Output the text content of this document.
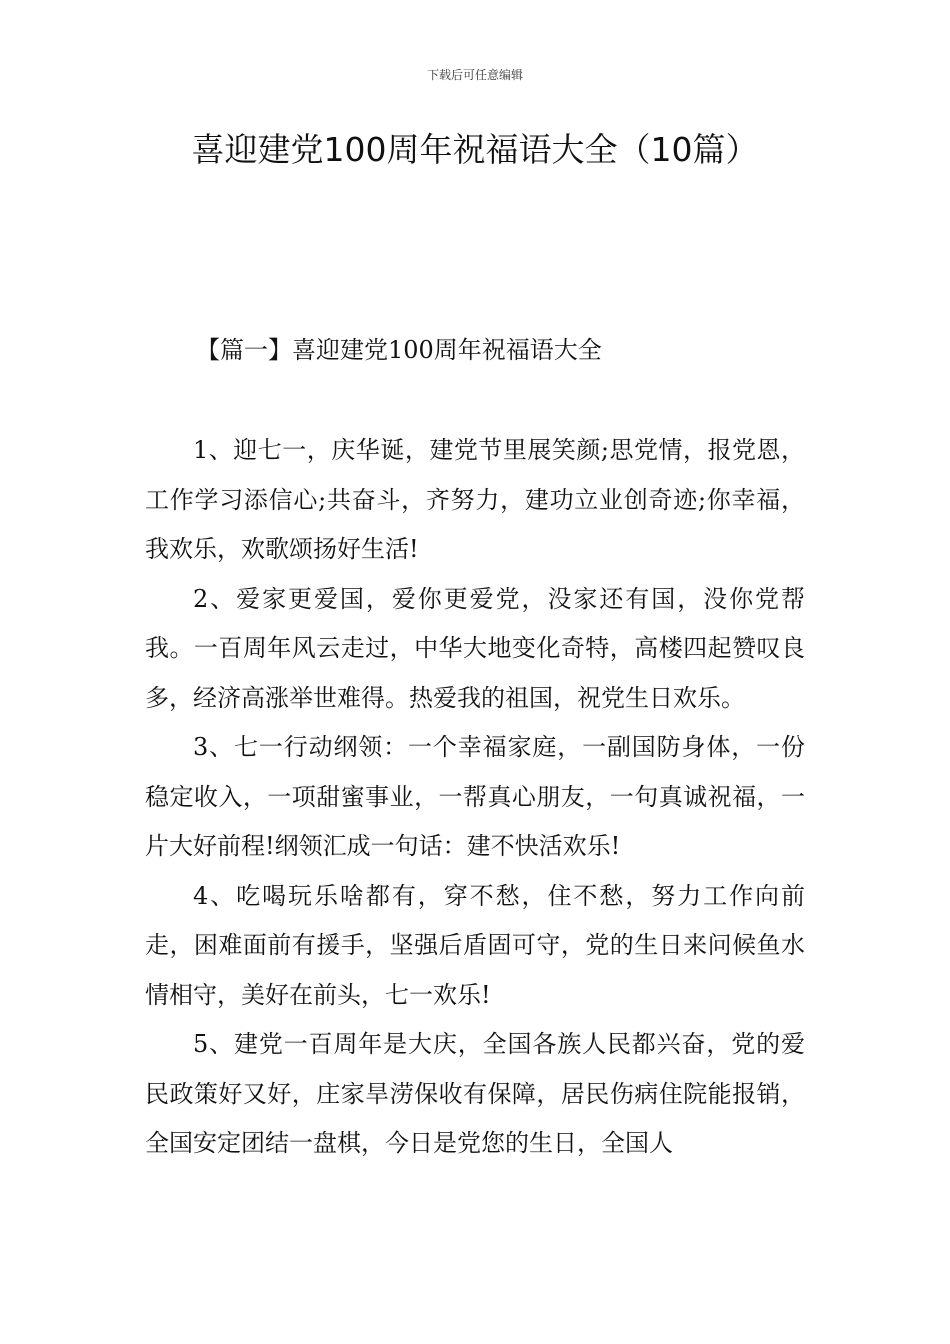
下载后可任意编辑
喜迎建党100周年祝福语大全（10篇）
【篇一】喜迎建党100周年祝福语大全

1、迎七一，庆华诞，建党节里展笑颜;思党情，报党恩，工作学习添信心;共奋斗，齐努力，建功立业创奇迹;你幸福，我欢乐，欢歌颂扬好生活!

2、爱家更爱国，爱你更爱党，没家还有国，没你党帮我。一百周年风云走过，中华大地变化奇特，高楼四起赞叹良多，经济高涨举世难得。热爱我的祖国，祝党生日欢乐。

3、七一行动纲领：一个幸福家庭，一副国防身体，一份稳定收入，一项甜蜜事业，一帮真心朋友，一句真诚祝福，一片大好前程!纲领汇成一句话：建不快活欢乐!

4、吃喝玩乐啥都有，穿不愁，住不愁，努力工作向前走，困难面前有援手，坚强后盾固可守，党的生日来问候鱼水情相守，美好在前头，七一欢乐!

5、建党一百周年是大庆，全国各族人民都兴奋，党的爱民政策好又好，庄家旱涝保收有保障，居民伤病住院能报销，全国安定团结一盘棋，今日是党您的生日，全国人
